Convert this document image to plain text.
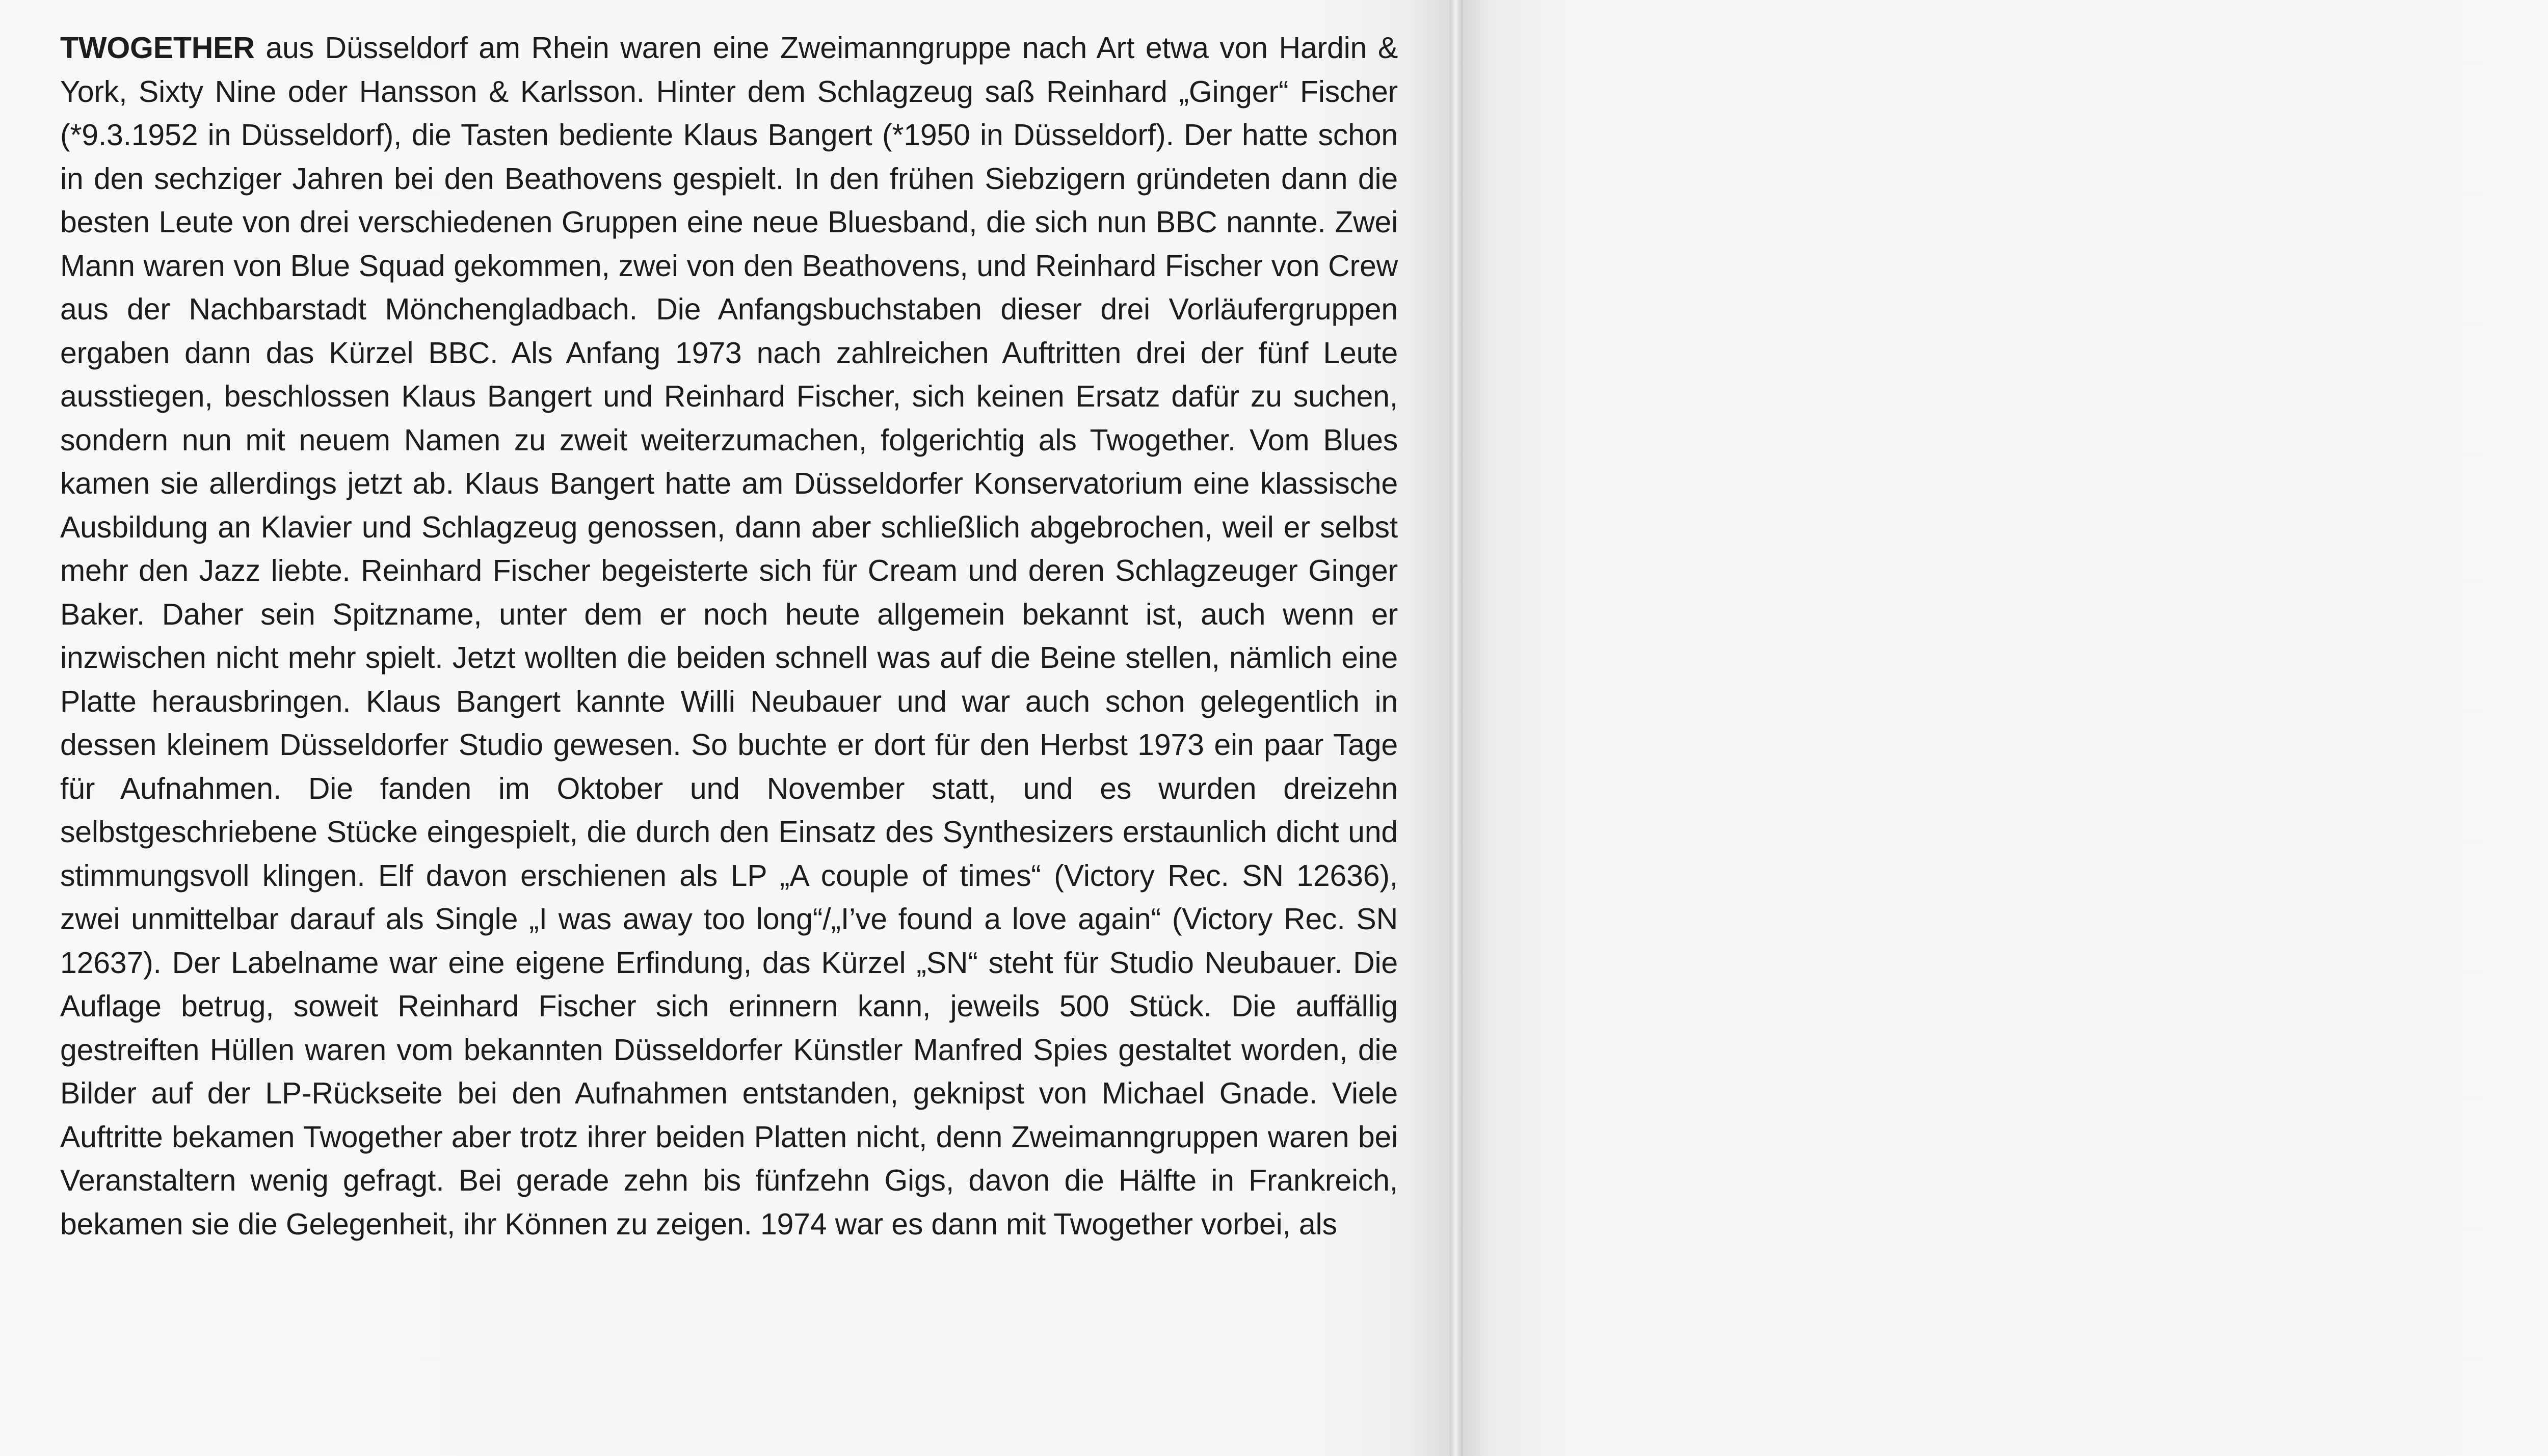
TWOGETHER aus Düsseldorf am Rhein waren eine Zweimanngruppe nach Art etwa von Hardin & York, Sixty Nine oder Hansson & Karlsson. Hinter dem Schlagzeug saß Reinhard „Ginger“ Fischer (*9.3.1952 in Düsseldorf), die Tasten bediente Klaus Bangert (*1950 in Düsseldorf). Der hatte schon in den sechziger Jahren bei den Beathovens gespielt. In den frühen Siebzigern gründeten dann die besten Leute von drei verschiedenen Gruppen eine neue Bluesband, die sich nun BBC nannte. Zwei Mann waren von Blue Squad gekommen, zwei von den Beathovens, und Reinhard Fischer von Crew aus der Nachbarstadt Mönchengladbach. Die Anfangsbuchstaben dieser drei Vorläufergruppen ergaben dann das Kürzel BBC. Als Anfang 1973 nach zahlreichen Auftritten drei der fünf Leute ausstiegen, beschlossen Klaus Bangert und Reinhard Fischer, sich keinen Ersatz dafür zu suchen, sondern nun mit neuem Namen zu zweit weiterzumachen, folgerichtig als Twogether. Vom Blues kamen sie allerdings jetzt ab. Klaus Bangert hatte am Düsseldorfer Konservatorium eine klassische Ausbildung an Klavier und Schlagzeug genossen, dann aber schließlich abgebrochen, weil er selbst mehr den Jazz liebte. Reinhard Fischer begeisterte sich für Cream und deren Schlagzeuger Ginger Baker. Daher sein Spitzname, unter dem er noch heute allgemein bekannt ist, auch wenn er inzwischen nicht mehr spielt. Jetzt wollten die beiden schnell was auf die Beine stellen, nämlich eine Platte herausbringen. Klaus Bangert kannte Willi Neubauer und war auch schon gelegentlich in dessen kleinem Düsseldorfer Studio gewesen. So buchte er dort für den Herbst 1973 ein paar Tage für Aufnahmen. Die fanden im Oktober und November statt, und es wurden dreizehn selbstgeschriebene Stücke eingespielt, die durch den Einsatz des Synthesizers erstaunlich dicht und stimmungsvoll klingen. Elf davon erschienen als LP „A couple of times“ (Victory Rec. SN 12636), zwei unmittelbar darauf als Single „I was away too long“/„I’ve found a love again“ (Victory Rec. SN 12637). Der Labelname war eine eigene Erfindung, das Kürzel „SN“ steht für Studio Neubauer. Die Auflage betrug, soweit Reinhard Fischer sich erinnern kann, jeweils 500 Stück. Die auffällig gestreiften Hüllen waren vom bekannten Düsseldorfer Künstler Manfred Spies gestaltet worden, die Bilder auf der LP-Rückseite bei den Aufnahmen entstanden, geknipst von Michael Gnade. Viele Auftritte bekamen Twogether aber trotz ihrer beiden Platten nicht, denn Zweimanngruppen waren bei Veranstaltern wenig gefragt. Bei gerade zehn bis fünfzehn Gigs, davon die Hälfte in Frankreich, bekamen sie die Gelegenheit, ihr Können zu zeigen. 1974 war es dann mit Twogether vorbei, als
